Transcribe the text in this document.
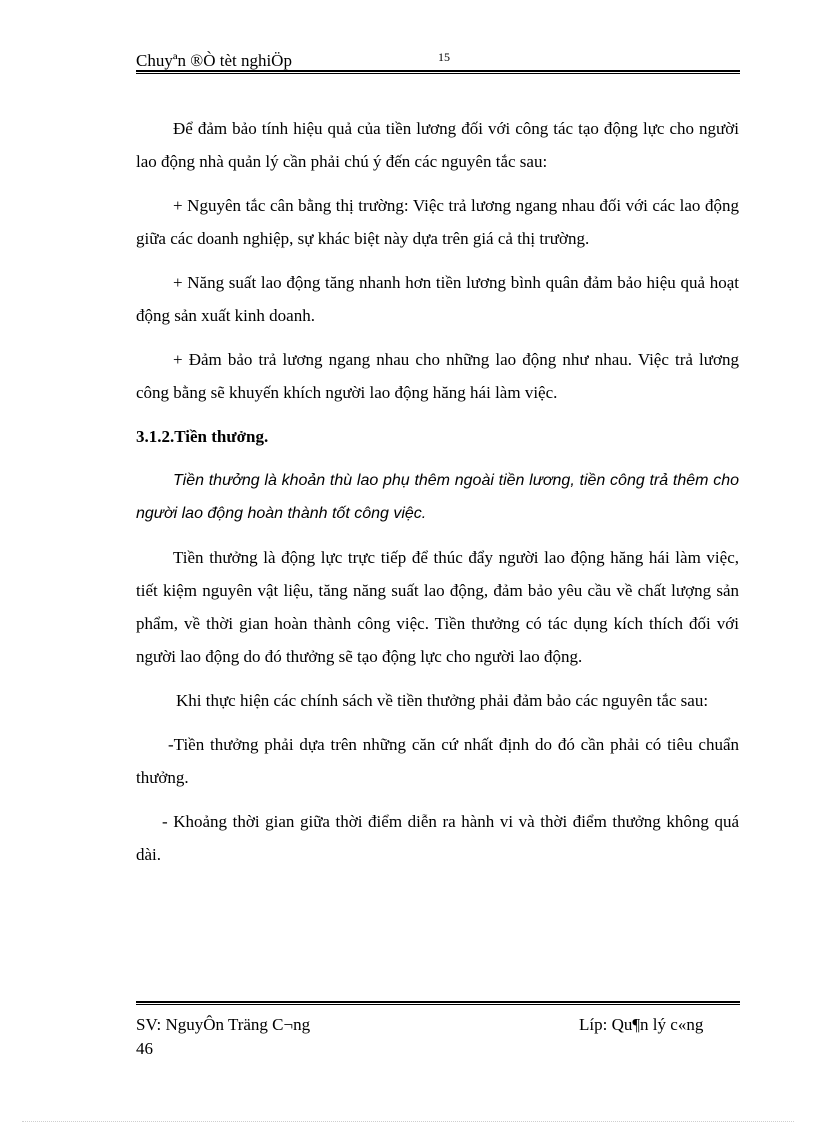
Chuyªn ®Ò tèt nghiÖp	15

Để đảm bảo tính hiệu quả của tiền lương đối với công tác tạo động lực cho người lao động nhà quản lý cần phải chú ý đến các nguyên tắc sau:

+ Nguyên tắc cân bằng thị trường: Việc trả lương ngang nhau đối với các lao động giữa các doanh nghiệp, sự khác biệt này dựa trên giá cả thị trường.

+ Năng suất lao động tăng nhanh hơn tiền lương bình quân đảm bảo hiệu quả hoạt động sản xuất kinh doanh.

+ Đảm bảo trả lương ngang nhau cho những lao động như nhau. Việc trả lương công bằng sẽ khuyến khích người lao động hăng hái làm việc.

3.1.2.Tiền thưởng.

Tiền thưởng là khoản thù lao phụ thêm ngoài tiền lương, tiền công trả thêm cho người lao động hoàn thành tốt công việc.

Tiền thưởng là động lực trực tiếp để thúc đẩy người lao động hăng hái làm việc, tiết kiệm nguyên vật liệu, tăng năng suất lao động, đảm bảo yêu cầu về chất lượng sản phẩm, về thời gian hoàn thành công việc. Tiền thưởng có tác dụng kích thích đối với người lao động do đó thưởng sẽ tạo động lực cho người lao động.

Khi thực hiện các chính sách về tiền thưởng phải đảm bảo các nguyên tắc sau:

-Tiền thưởng phải dựa trên những căn cứ nhất định do đó cần phải có tiêu chuẩn thưởng.

- Khoảng thời gian giữa thời điểm diễn ra hành vi và thời điểm thưởng không quá dài.

SV: NguyÔn Träng C¬ng
46
Líp: Qu¶n lý c«ng
